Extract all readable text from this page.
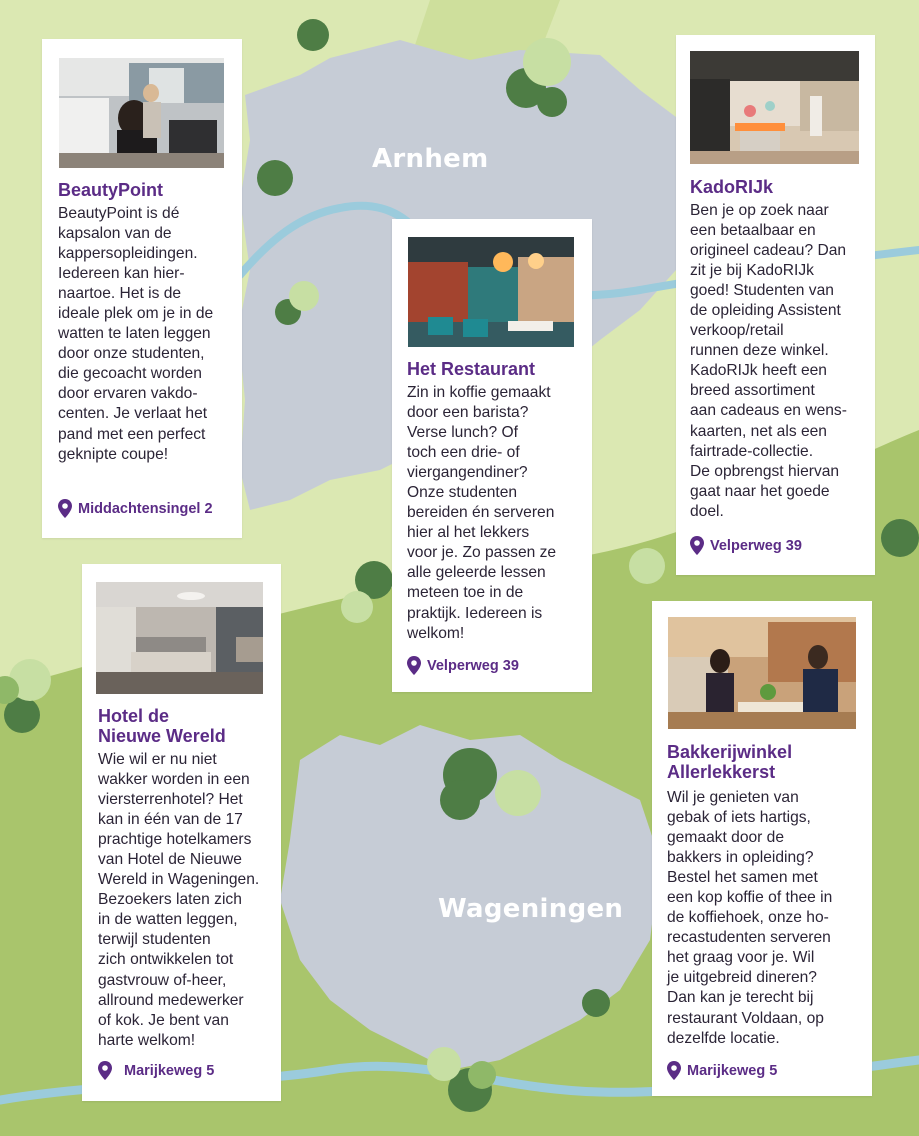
Arnhem
Wageningen
BeautyPoint

BeautyPoint is dé
kapsalon van de
kappersopleidingen.
Iedereen kan hier-
naartoe. Het is de
ideale plek om je in de
watten te laten leggen
door onze studenten,
die gecoacht worden
door ervaren vakdo-
centen. Je verlaat het
pand met een perfect
geknipte coupe!

Middachtensingel 2
Het Restaurant

Zin in koffie gemaakt
door een barista?
Verse lunch? Of
toch een drie- of
viergangendiner?
Onze studenten
bereiden én serveren
hier al het lekkers
voor je. Zo passen ze
alle geleerde lessen
meteen toe in de
praktijk. Iedereen is
welkom!

Velperweg 39
KadoRIJk

Ben je op zoek naar
een betaalbaar en
origineel cadeau? Dan
zit je bij KadoRIJk
goed! Studenten van
de opleiding Assistent
verkoop/retail
runnen deze winkel.
KadoRIJk heeft een
breed assortiment
aan cadeaus en wens-
kaarten, net als een
fairtrade-collectie.
De opbrengst hiervan
gaat naar het goede
doel.

Velperweg 39
Hotel de
Nieuwe Wereld

Wie wil er nu niet
wakker worden in een
viersterrenhotel? Het
kan in één van de 17
prachtige hotelkamers
van Hotel de Nieuwe
Wereld in Wageningen.
Bezoekers laten zich
in de watten leggen,
terwijl studenten
zich ontwikkelen tot
gastvrouw of-heer,
allround medewerker
of kok. Je bent van
harte welkom!

Marijkeweg 5
Bakkerijwinkel
Allerlekkerst

Wil je genieten van
gebak of iets hartigs,
gemaakt door de
bakkers in opleiding?
Bestel het samen met
een kop koffie of thee in
de koffiehoek, onze ho-
recastudenten serveren
het graag voor je. Wil
je uitgebreid dineren?
Dan kan je terecht bij
restaurant Voldaan, op
dezelfde locatie.

Marijkeweg 5
